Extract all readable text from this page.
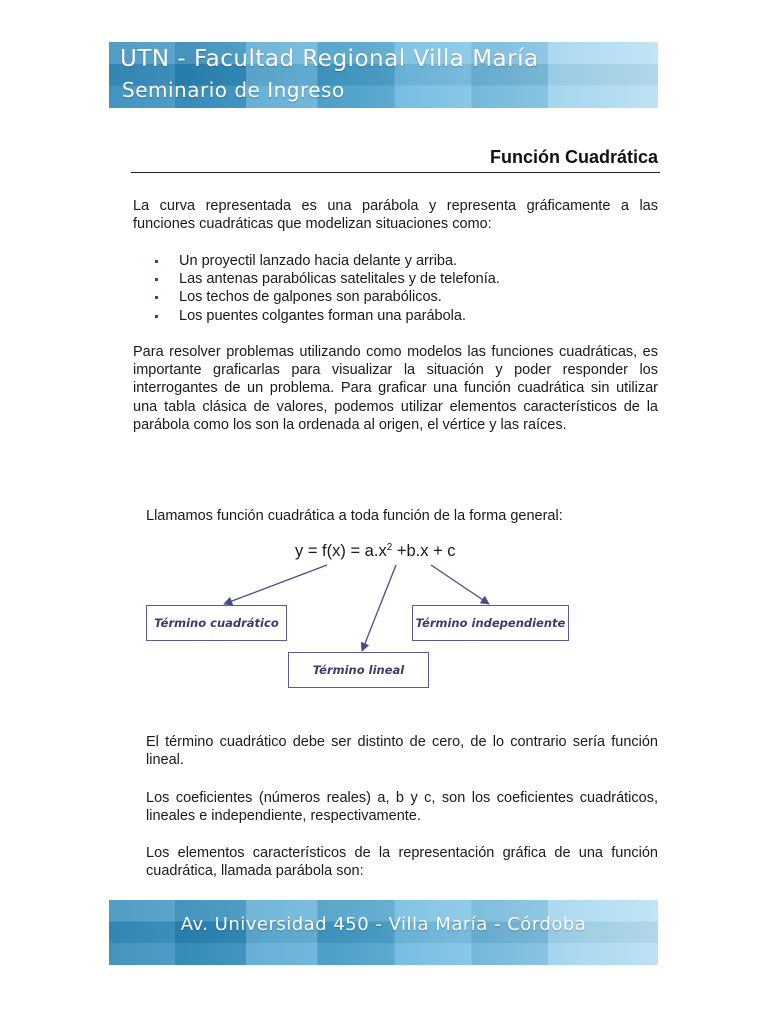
UTN - Facultad Regional Villa María
Seminario de Ingreso
Función Cuadrática

La curva representada es una parábola y representa gráficamente a las funciones cuadráticas que modelizan situaciones como:

Un proyectil lanzado hacia delante y arriba.
Las antenas parabólicas satelitales y de telefonía.
Los techos de galpones son parabólicos.
Los puentes colgantes forman una parábola.

Para resolver problemas utilizando como modelos las funciones cuadráticas, es importante graficarlas para visualizar la situación y poder responder los interrogantes de un problema. Para graficar una función cuadrática sin utilizar una tabla clásica de valores, podemos utilizar elementos característicos de la parábola como los son la ordenada al origen, el vértice y las raíces.

Llamamos función cuadrática a toda función de la forma general:

$y = f(x) = a.x^2 +b.x + c$
Término cuadrático	Término independiente
Término lineal

El término cuadrático debe ser distinto de cero, de lo contrario sería función lineal.

Los coeficientes (números reales) a, b y c, son los coeficientes cuadráticos, lineales e independiente, respectivamente.

Los elementos característicos de la representación gráfica de una función cuadrática, llamada parábola son:

Av. Universidad 450 - Villa María - Córdoba
